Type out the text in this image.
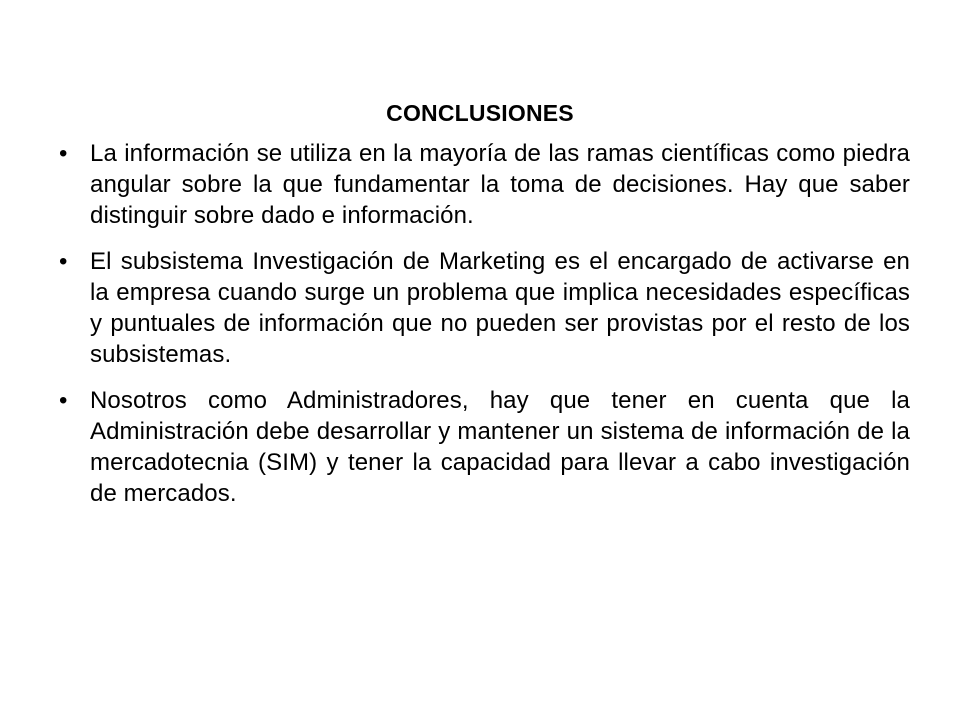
CONCLUSIONES
• La información se utiliza en la mayoría de las ramas científicas como piedra angular sobre la que fundamentar la toma de decisiones. Hay que saber distinguir sobre dado e información.
• El subsistema Investigación de Marketing es el encargado de activarse en la empresa cuando surge un problema que implica necesidades específicas y puntuales de información que no pueden ser provistas por el resto de los subsistemas.
• Nosotros como Administradores, hay que tener en cuenta que la Administración debe desarrollar y mantener un sistema de información de la mercadotecnia (SIM) y tener la capacidad para llevar a cabo investigación de mercados.
